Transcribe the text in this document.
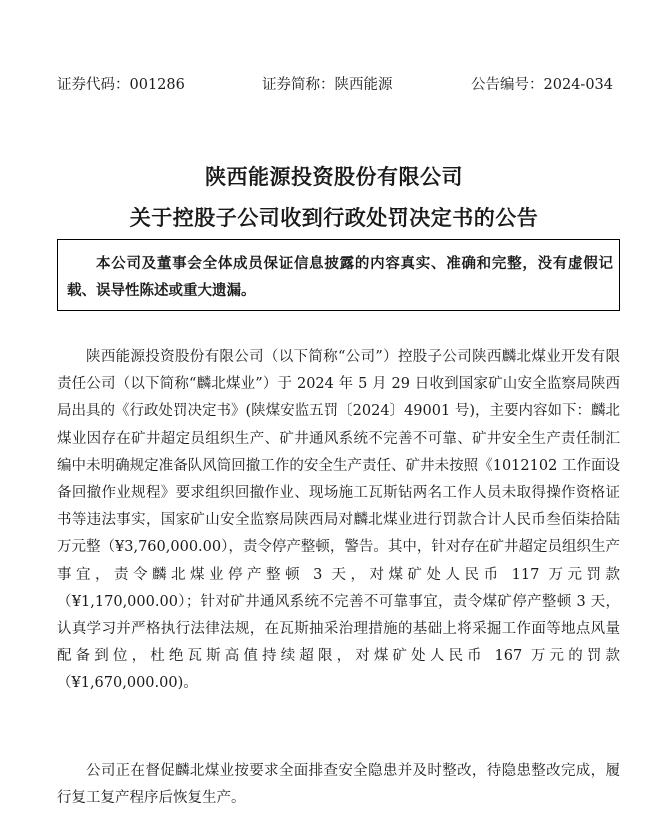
证券代码：001286	证券简称：陕西能源	公告编号：2024-034
陕西能源投资股份有限公司
关于控股子公司收到行政处罚决定书的公告
本公司及董事会全体成员保证信息披露的内容真实、准确和完整，没有虚假记载、误导性陈述或重大遗漏。
陕西能源投资股份有限公司（以下简称“公司”）控股子公司陕西麟北煤业开发有限责任公司（以下简称“麟北煤业”）于 2024 年 5 月 29 日收到国家矿山安全监察局陕西局出具的《行政处罚决定书》(陕煤安监五罚〔2024〕49001 号)，主要内容如下：麟北煤业因存在矿井超定员组织生产、矿井通风系统不完善不可靠、矿井安全生产责任制汇编中未明确规定准备队风筒回撤工作的安全生产责任、矿井未按照《1012102 工作面设备回撤作业规程》要求组织回撤作业、现场施工瓦斯钻两名工作人员未取得操作资格证书等违法事实，国家矿山安全监察局陕西局对麟北煤业进行罚款合计人民币叁佰柒拾陆万元整（¥3,760,000.00），责令停产整顿，警告。其中，针对存在矿井超定员组织生产事宜，责令麟北煤业停产整顿 3 天，对煤矿处人民币 117 万元罚款（¥1,170,000.00）；针对矿井通风系统不完善不可靠事宜，责令煤矿停产整顿 3 天，认真学习并严格执行法律法规，在瓦斯抽采治理措施的基础上将采掘工作面等地点风量配备到位，杜绝瓦斯高值持续超限，对煤矿处人民币 167 万元的罚款（¥1,670,000.00)。
公司正在督促麟北煤业按要求全面排查安全隐患并及时整改，待隐患整改完成，履行复工复产程序后恢复生产。
